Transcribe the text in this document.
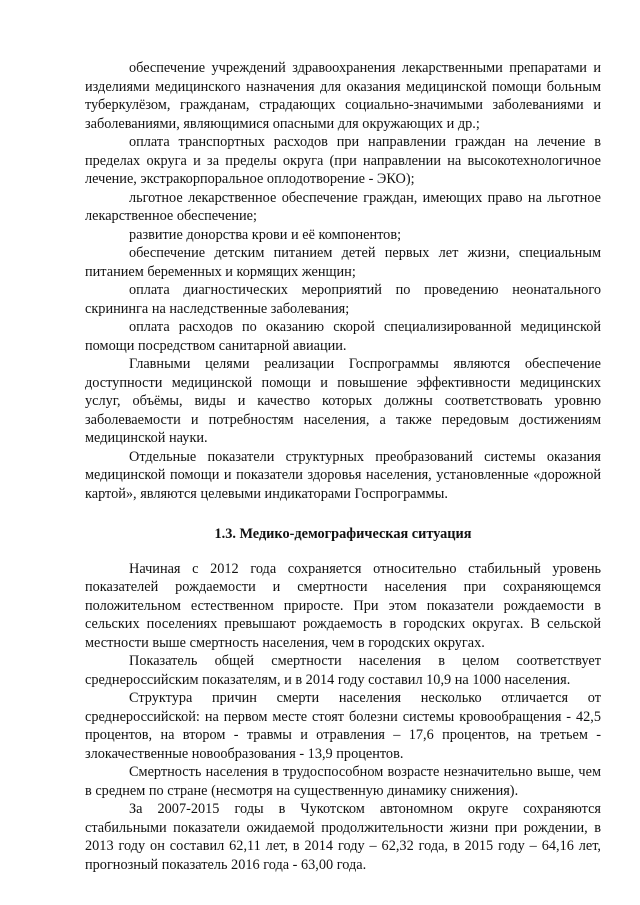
обеспечение учреждений здравоохранения лекарственными препаратами и изделиями медицинского назначения для оказания медицинской помощи больным туберкулёзом, гражданам, страдающих социально-значимыми заболеваниями и заболеваниями, являющимися опасными для окружающих и др.;

оплата транспортных расходов при направлении граждан на лечение в пределах округа и за пределы округа (при направлении на высокотехнологичное лечение, экстракорпоральное оплодотворение - ЭКО);

льготное лекарственное обеспечение граждан, имеющих право на льготное лекарственное обеспечение;

развитие донорства крови и её компонентов;

обеспечение детским питанием детей первых лет жизни, специальным питанием беременных и кормящих женщин;

оплата диагностических мероприятий по проведению неонатального скрининга на наследственные заболевания;

оплата расходов по оказанию скорой специализированной медицинской помощи посредством санитарной авиации.

Главными целями реализации Госпрограммы являются обеспечение доступности медицинской помощи и повышение эффективности медицинских услуг, объёмы, виды и качество которых должны соответствовать уровню заболеваемости и потребностям населения, а также передовым достижениям медицинской науки.

Отдельные показатели структурных преобразований системы оказания медицинской помощи и показатели здоровья населения, установленные «дорожной картой», являются целевыми индикаторами Госпрограммы.

1.3. Медико-демографическая ситуация

Начиная с 2012 года сохраняется относительно стабильный уровень показателей рождаемости и смертности населения при сохраняющемся положительном естественном приросте. При этом показатели рождаемости в сельских поселениях превышают рождаемость в городских округах. В сельской местности выше смертность населения, чем в городских округах.

Показатель общей смертности населения в целом соответствует среднероссийским показателям, и в 2014 году составил 10,9 на 1000 населения.

Структура причин смерти населения несколько отличается от среднероссийской: на первом месте стоят болезни системы кровообращения - 42,5 процентов, на втором - травмы и отравления – 17,6 процентов, на третьем - злокачественные новообразования - 13,9 процентов.

Смертность населения в трудоспособном возрасте незначительно выше, чем в среднем по стране (несмотря на существенную динамику снижения).

За 2007-2015 годы в Чукотском автономном округе сохраняются стабильными показатели ожидаемой продолжительности жизни при рождении, в 2013 году он составил 62,11 лет, в 2014 году – 62,32 года, в 2015 году – 64,16 лет, прогнозный показатель 2016 года - 63,00 года.
